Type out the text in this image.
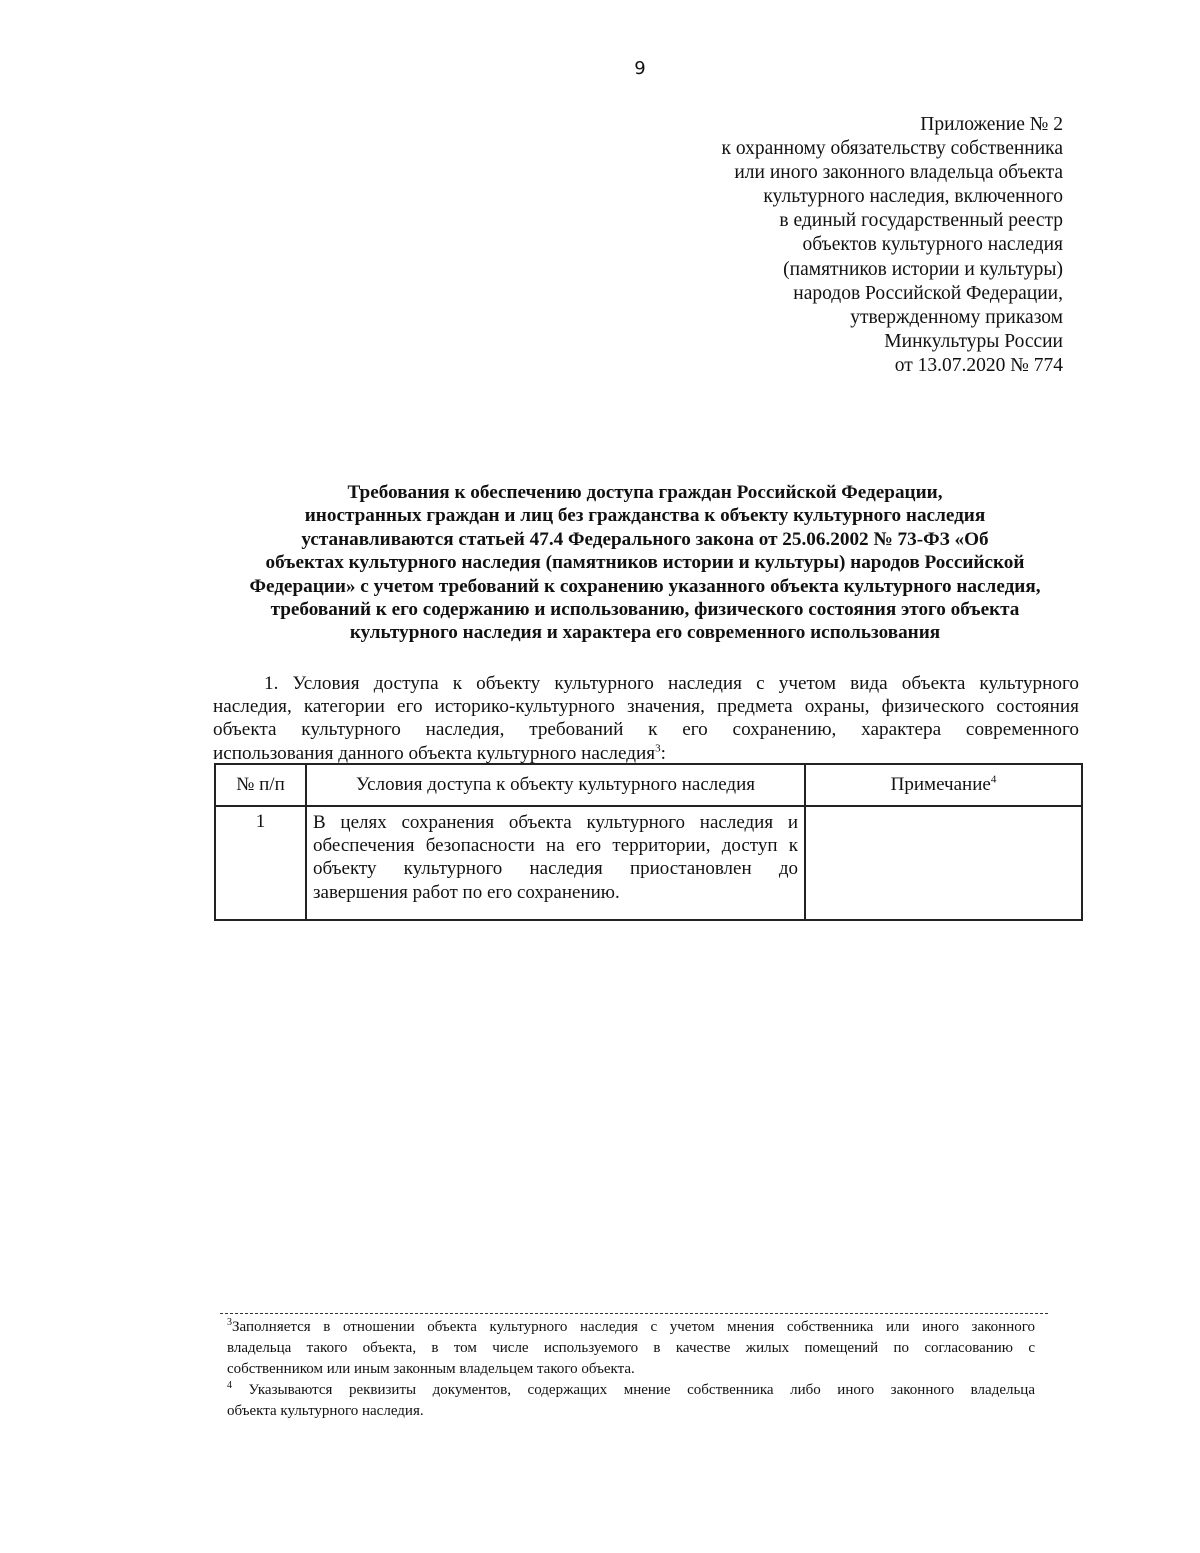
9
Приложение № 2
к охранному обязательству собственника
или иного законного владельца объекта
культурного наследия, включенного
в единый государственный реестр
объектов культурного наследия
(памятников истории и культуры)
народов Российской Федерации,
утвержденному приказом
Минкультуры России
от 13.07.2020 № 774
Требования к обеспечению доступа граждан Российской Федерации,
иностранных граждан и лиц без гражданства к объекту культурного наследия
устанавливаются статьей 47.4 Федерального закона от 25.06.2002 № 73-ФЗ «Об
объектах культурного наследия (памятников истории и культуры) народов Российской
Федерации» с учетом требований к сохранению указанного объекта культурного наследия,
требований к его содержанию и использованию, физического состояния этого объекта
культурного наследия и характера его современного использования
1. Условия доступа к объекту культурного наследия с учетом вида объекта культурного
наследия, категории его историко-культурного значения, предмета охраны, физического состояния
объекта культурного наследия, требований к его сохранению, характера современного
использования данного объекта культурного наследия$^3$:
№ п/п	Условия доступа к объекту культурного наследия	Примечание$^4$
1	В целях сохранения объекта культурного наследия и
обеспечения безопасности на его территории, доступ к
объекту культурного наследия приостановлен до
завершения работ по его сохранению.	

$^3$Заполняется в отношении объекта культурного наследия с учетом мнения собственника или иного законного
владельца такого объекта, в том числе используемого в качестве жилых помещений по согласованию с
собственником или иным законным владельцем такого объекта.
$^4$ Указываются реквизиты документов, содержащих мнение собственника либо иного законного владельца
объекта культурного наследия.
